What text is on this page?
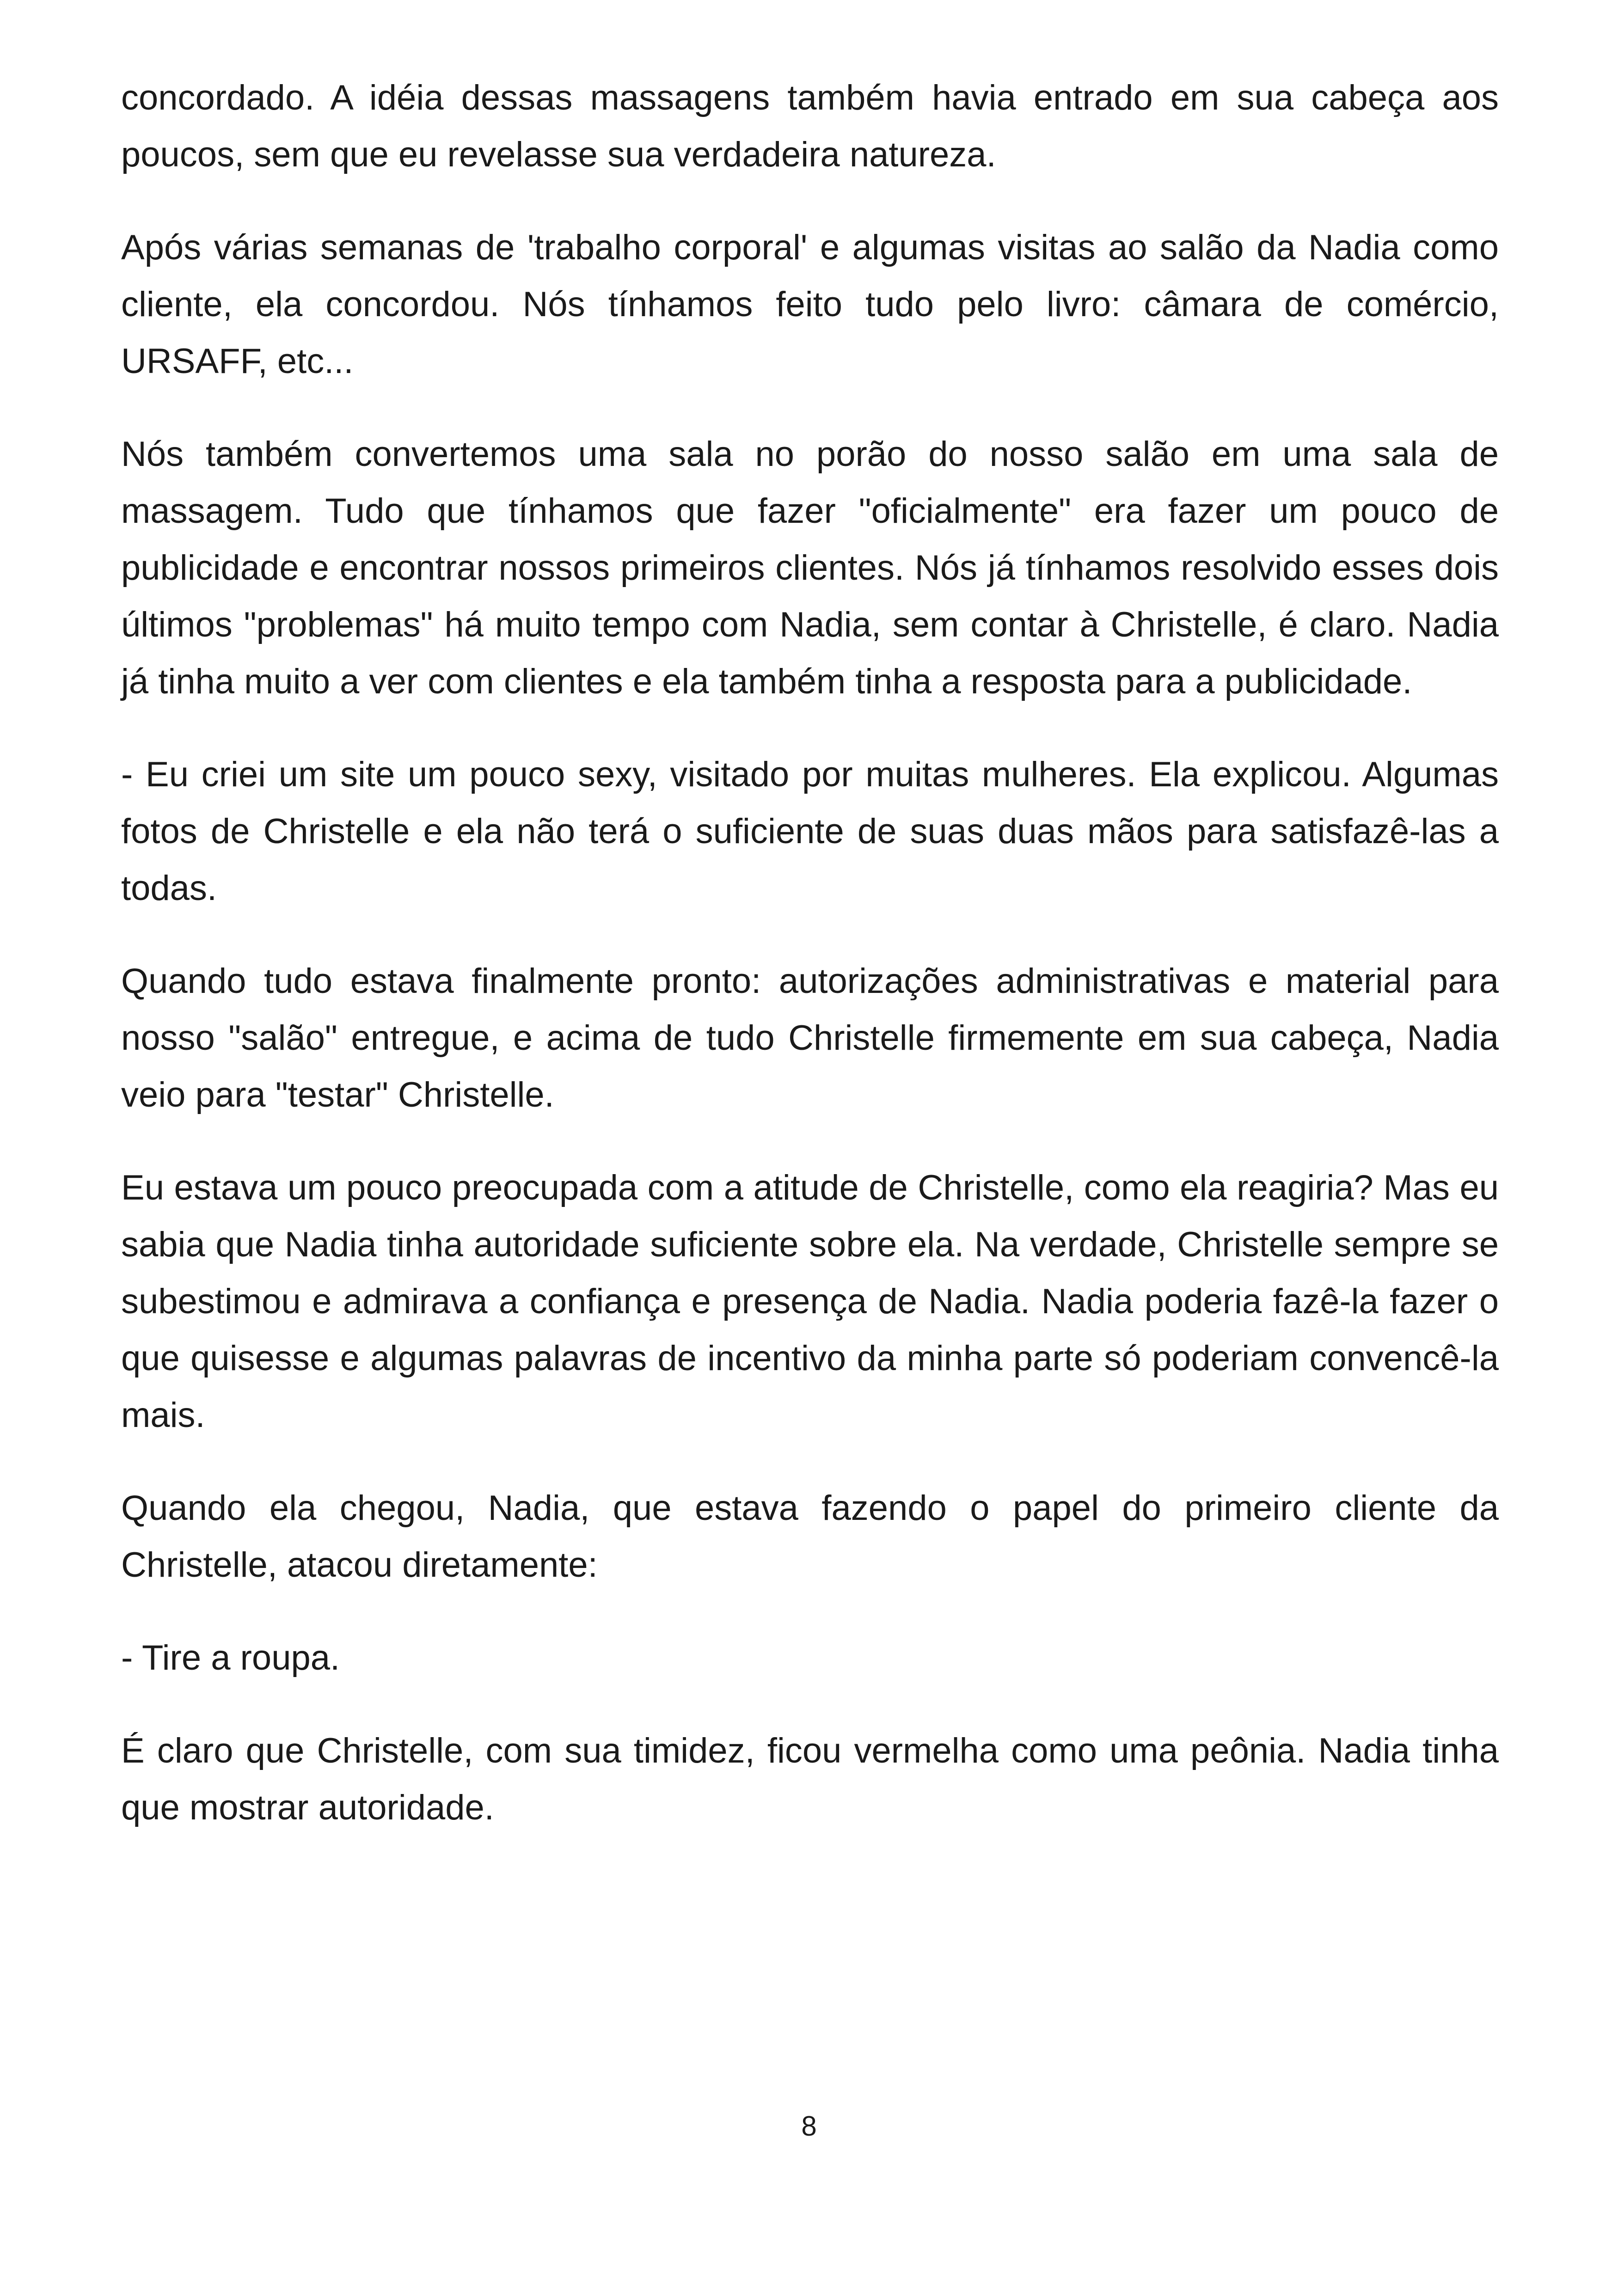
concordado. A idéia dessas massagens também havia entrado em sua cabeça aos poucos, sem que eu revelasse sua verdadeira natureza.

Após várias semanas de 'trabalho corporal' e algumas visitas ao salão da Nadia como cliente, ela concordou. Nós tínhamos feito tudo pelo livro: câmara de comércio, URSAFF, etc...

Nós também convertemos uma sala no porão do nosso salão em uma sala de massagem. Tudo que tínhamos que fazer "oficialmente" era fazer um pouco de publicidade e encontrar nossos primeiros clientes. Nós já tínhamos resolvido esses dois últimos "problemas" há muito tempo com Nadia, sem contar à Christelle, é claro. Nadia já tinha muito a ver com clientes e ela também tinha a resposta para a publicidade.

- Eu criei um site um pouco sexy, visitado por muitas mulheres. Ela explicou. Algumas fotos de Christelle e ela não terá o suficiente de suas duas mãos para satisfazê-las a todas.

Quando tudo estava finalmente pronto: autorizações administrativas e material para nosso "salão" entregue, e acima de tudo Christelle firmemente em sua cabeça, Nadia veio para "testar" Christelle.

Eu estava um pouco preocupada com a atitude de Christelle, como ela reagiria? Mas eu sabia que Nadia tinha autoridade suficiente sobre ela. Na verdade, Christelle sempre se subestimou e admirava a confiança e presença de Nadia. Nadia poderia fazê-la fazer o que quisesse e algumas palavras de incentivo da minha parte só poderiam convencê-la mais.

Quando ela chegou, Nadia, que estava fazendo o papel do primeiro cliente da Christelle, atacou diretamente:

- Tire a roupa.

É claro que Christelle, com sua timidez, ficou vermelha como uma peônia. Nadia tinha que mostrar autoridade.

8
